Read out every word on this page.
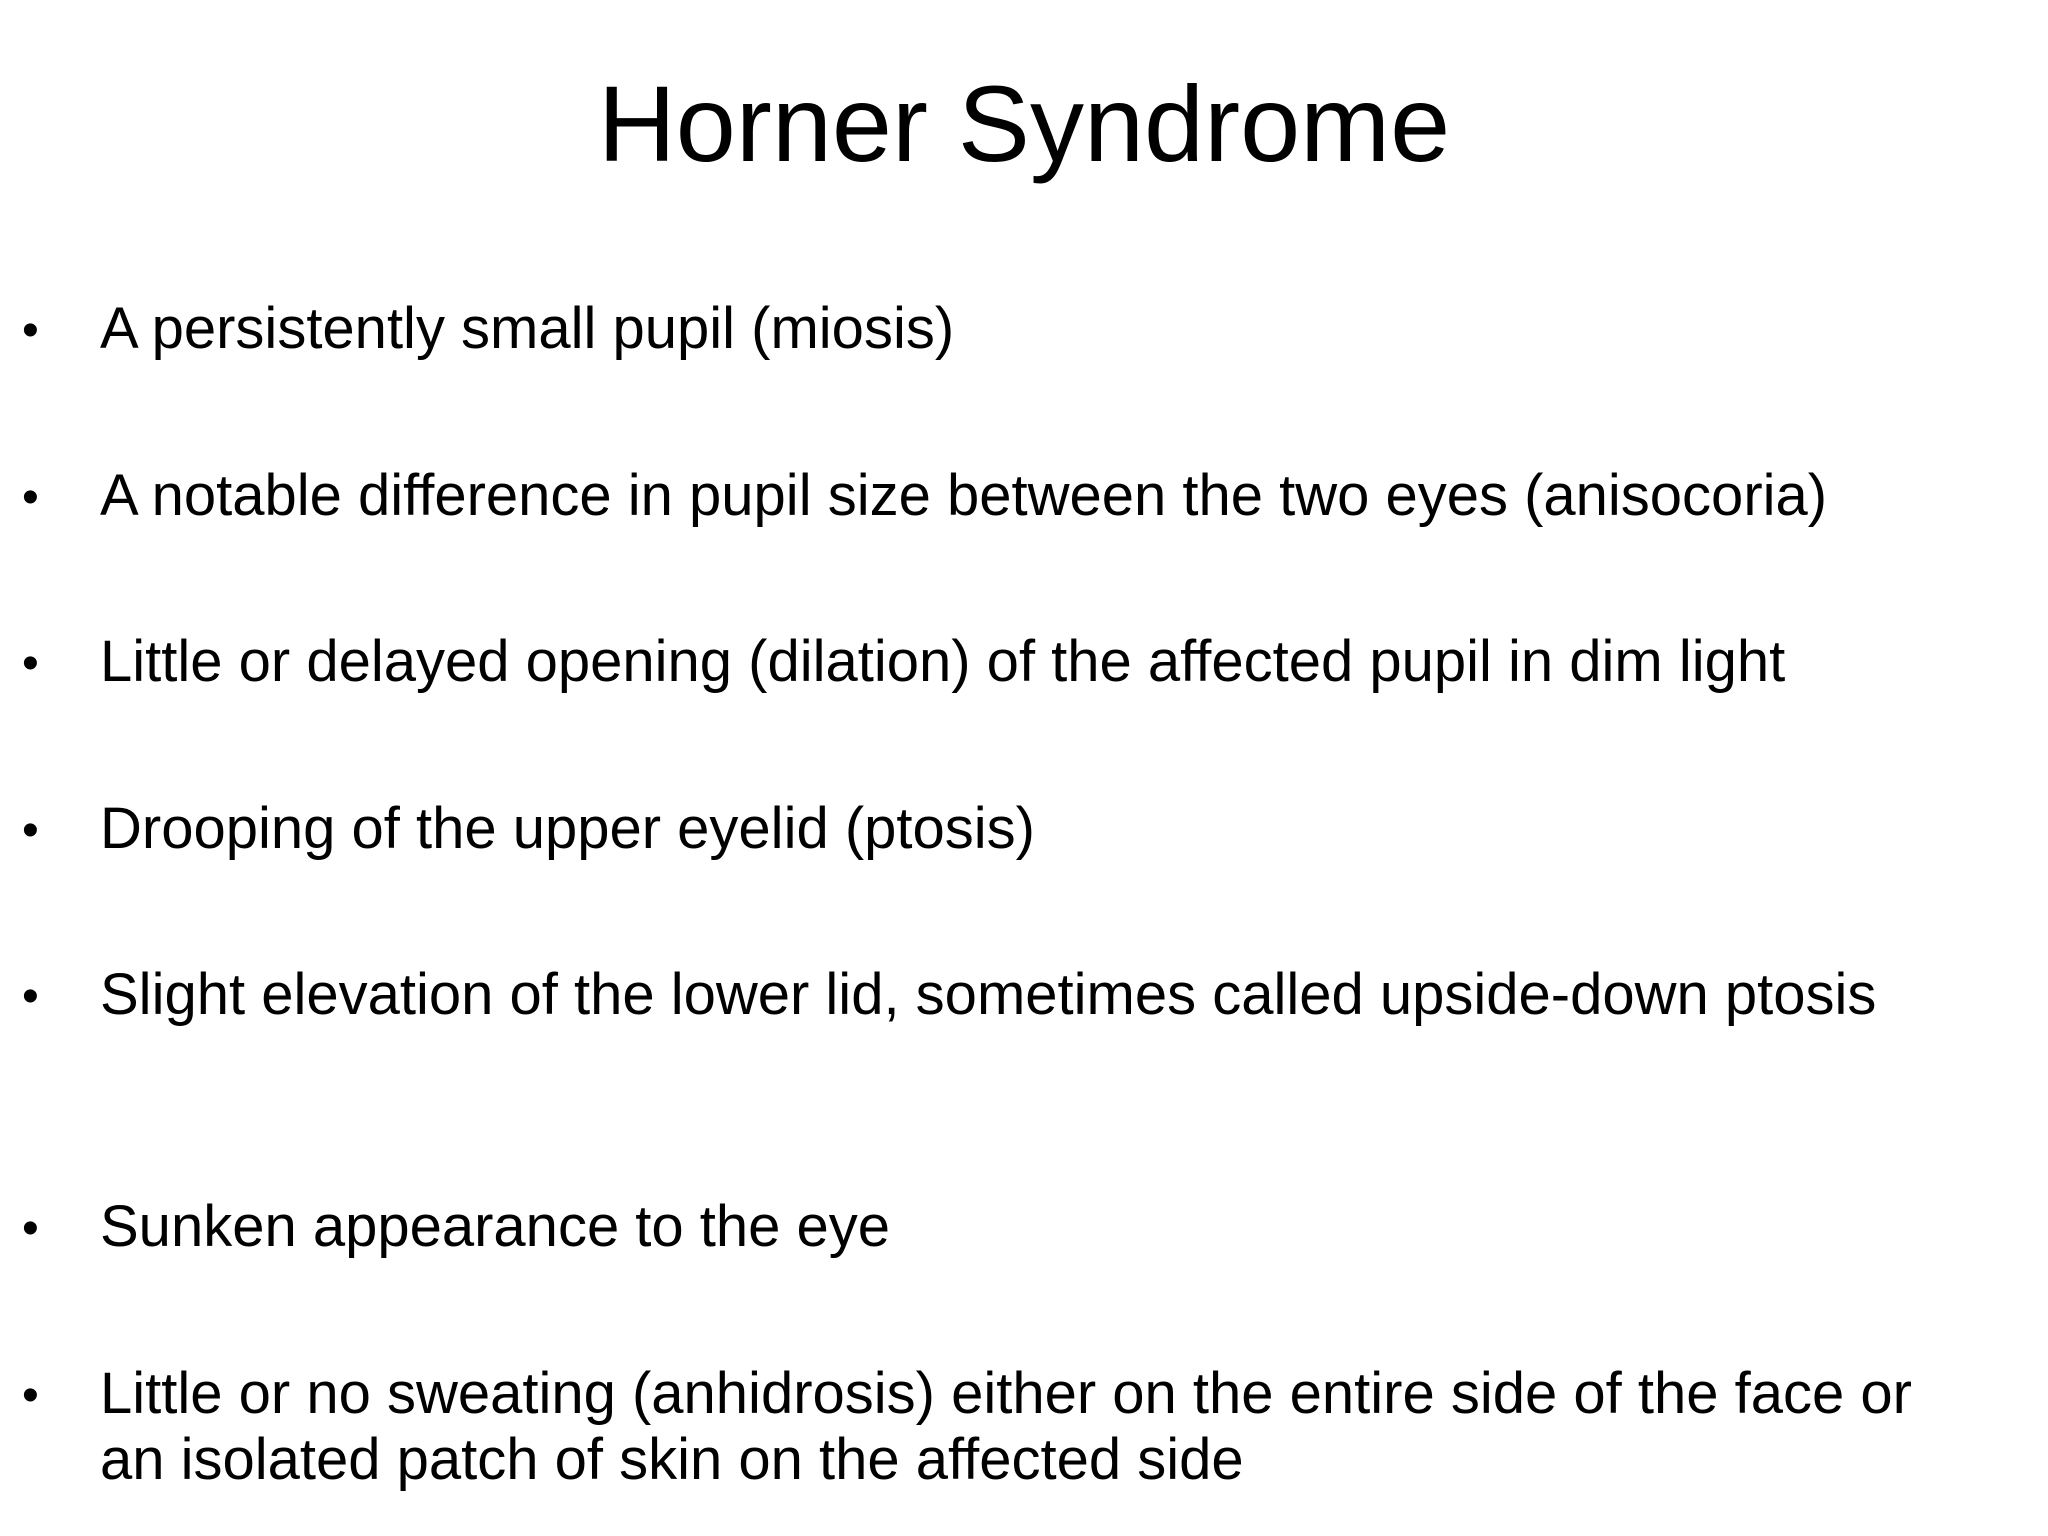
Horner Syndrome
• A persistently small pupil (miosis)
• A notable difference in pupil size between the two eyes (anisocoria)
• Little or delayed opening (dilation) of the affected pupil in dim light
• Drooping of the upper eyelid (ptosis)
• Slight elevation of the lower lid, sometimes called upside-down ptosis
• Sunken appearance to the eye
• Little or no sweating (anhidrosis) either on the entire side of the face or an isolated patch of skin on the affected side
